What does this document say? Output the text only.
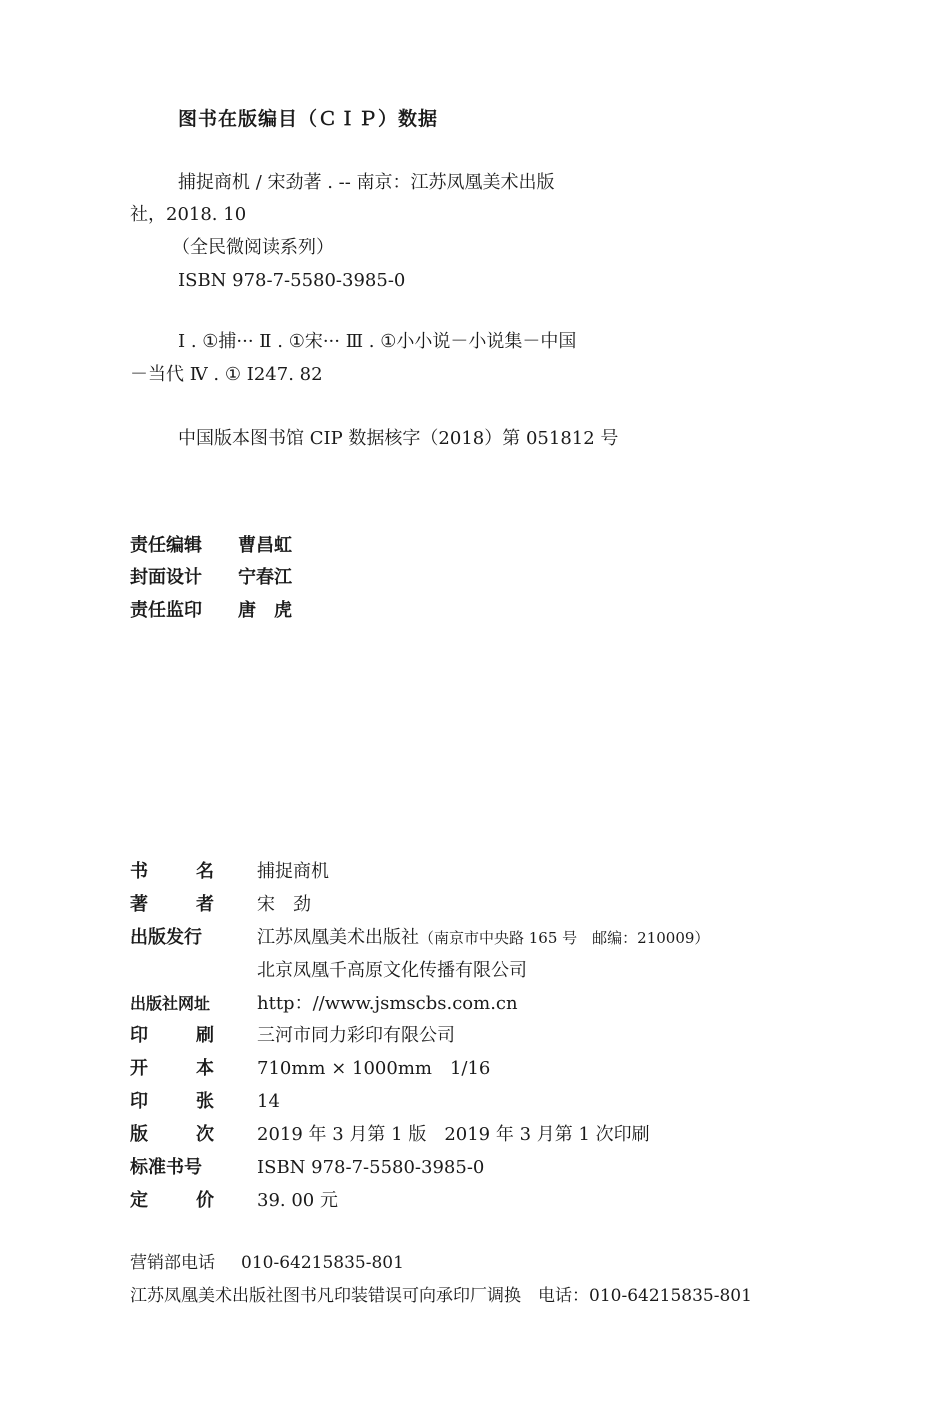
图书在版编目（ＣＩＰ）数据
捕捉商机 / 宋劲著 . -- 南京：江苏凤凰美术出版
社，2018. 10
（全民微阅读系列）
ISBN 978-7-5580-3985-0
Ⅰ . ①捕··· Ⅱ . ①宋··· Ⅲ . ①小小说－小说集－中国
－当代 Ⅳ . ① I247. 82
中国版本图书馆 CIP 数据核字（2018）第 051812 号
责任编辑 曹昌虹
封面设计 宁春江
责任监印 唐　虎
书	名 捕捉商机
著	者 宋　劲
出版发行	江苏凤凰美术出版社（南京市中央路 165 号　邮编：210009）
北京凤凰千高原文化传播有限公司
出版社网址	http：//www.jsmscbs.com.cn
印	刷 三河市同力彩印有限公司
开	本 710mm × 1000mm　1/16
印	张 14
版	次 2019 年 3 月第 1 版　2019 年 3 月第 1 次印刷
标准书号	ISBN 978-7-5580-3985-0
定	价 39. 00 元
营销部电话 010-64215835-801
江苏凤凰美术出版社图书凡印装错误可向承印厂调换　电话：010-64215835-801
